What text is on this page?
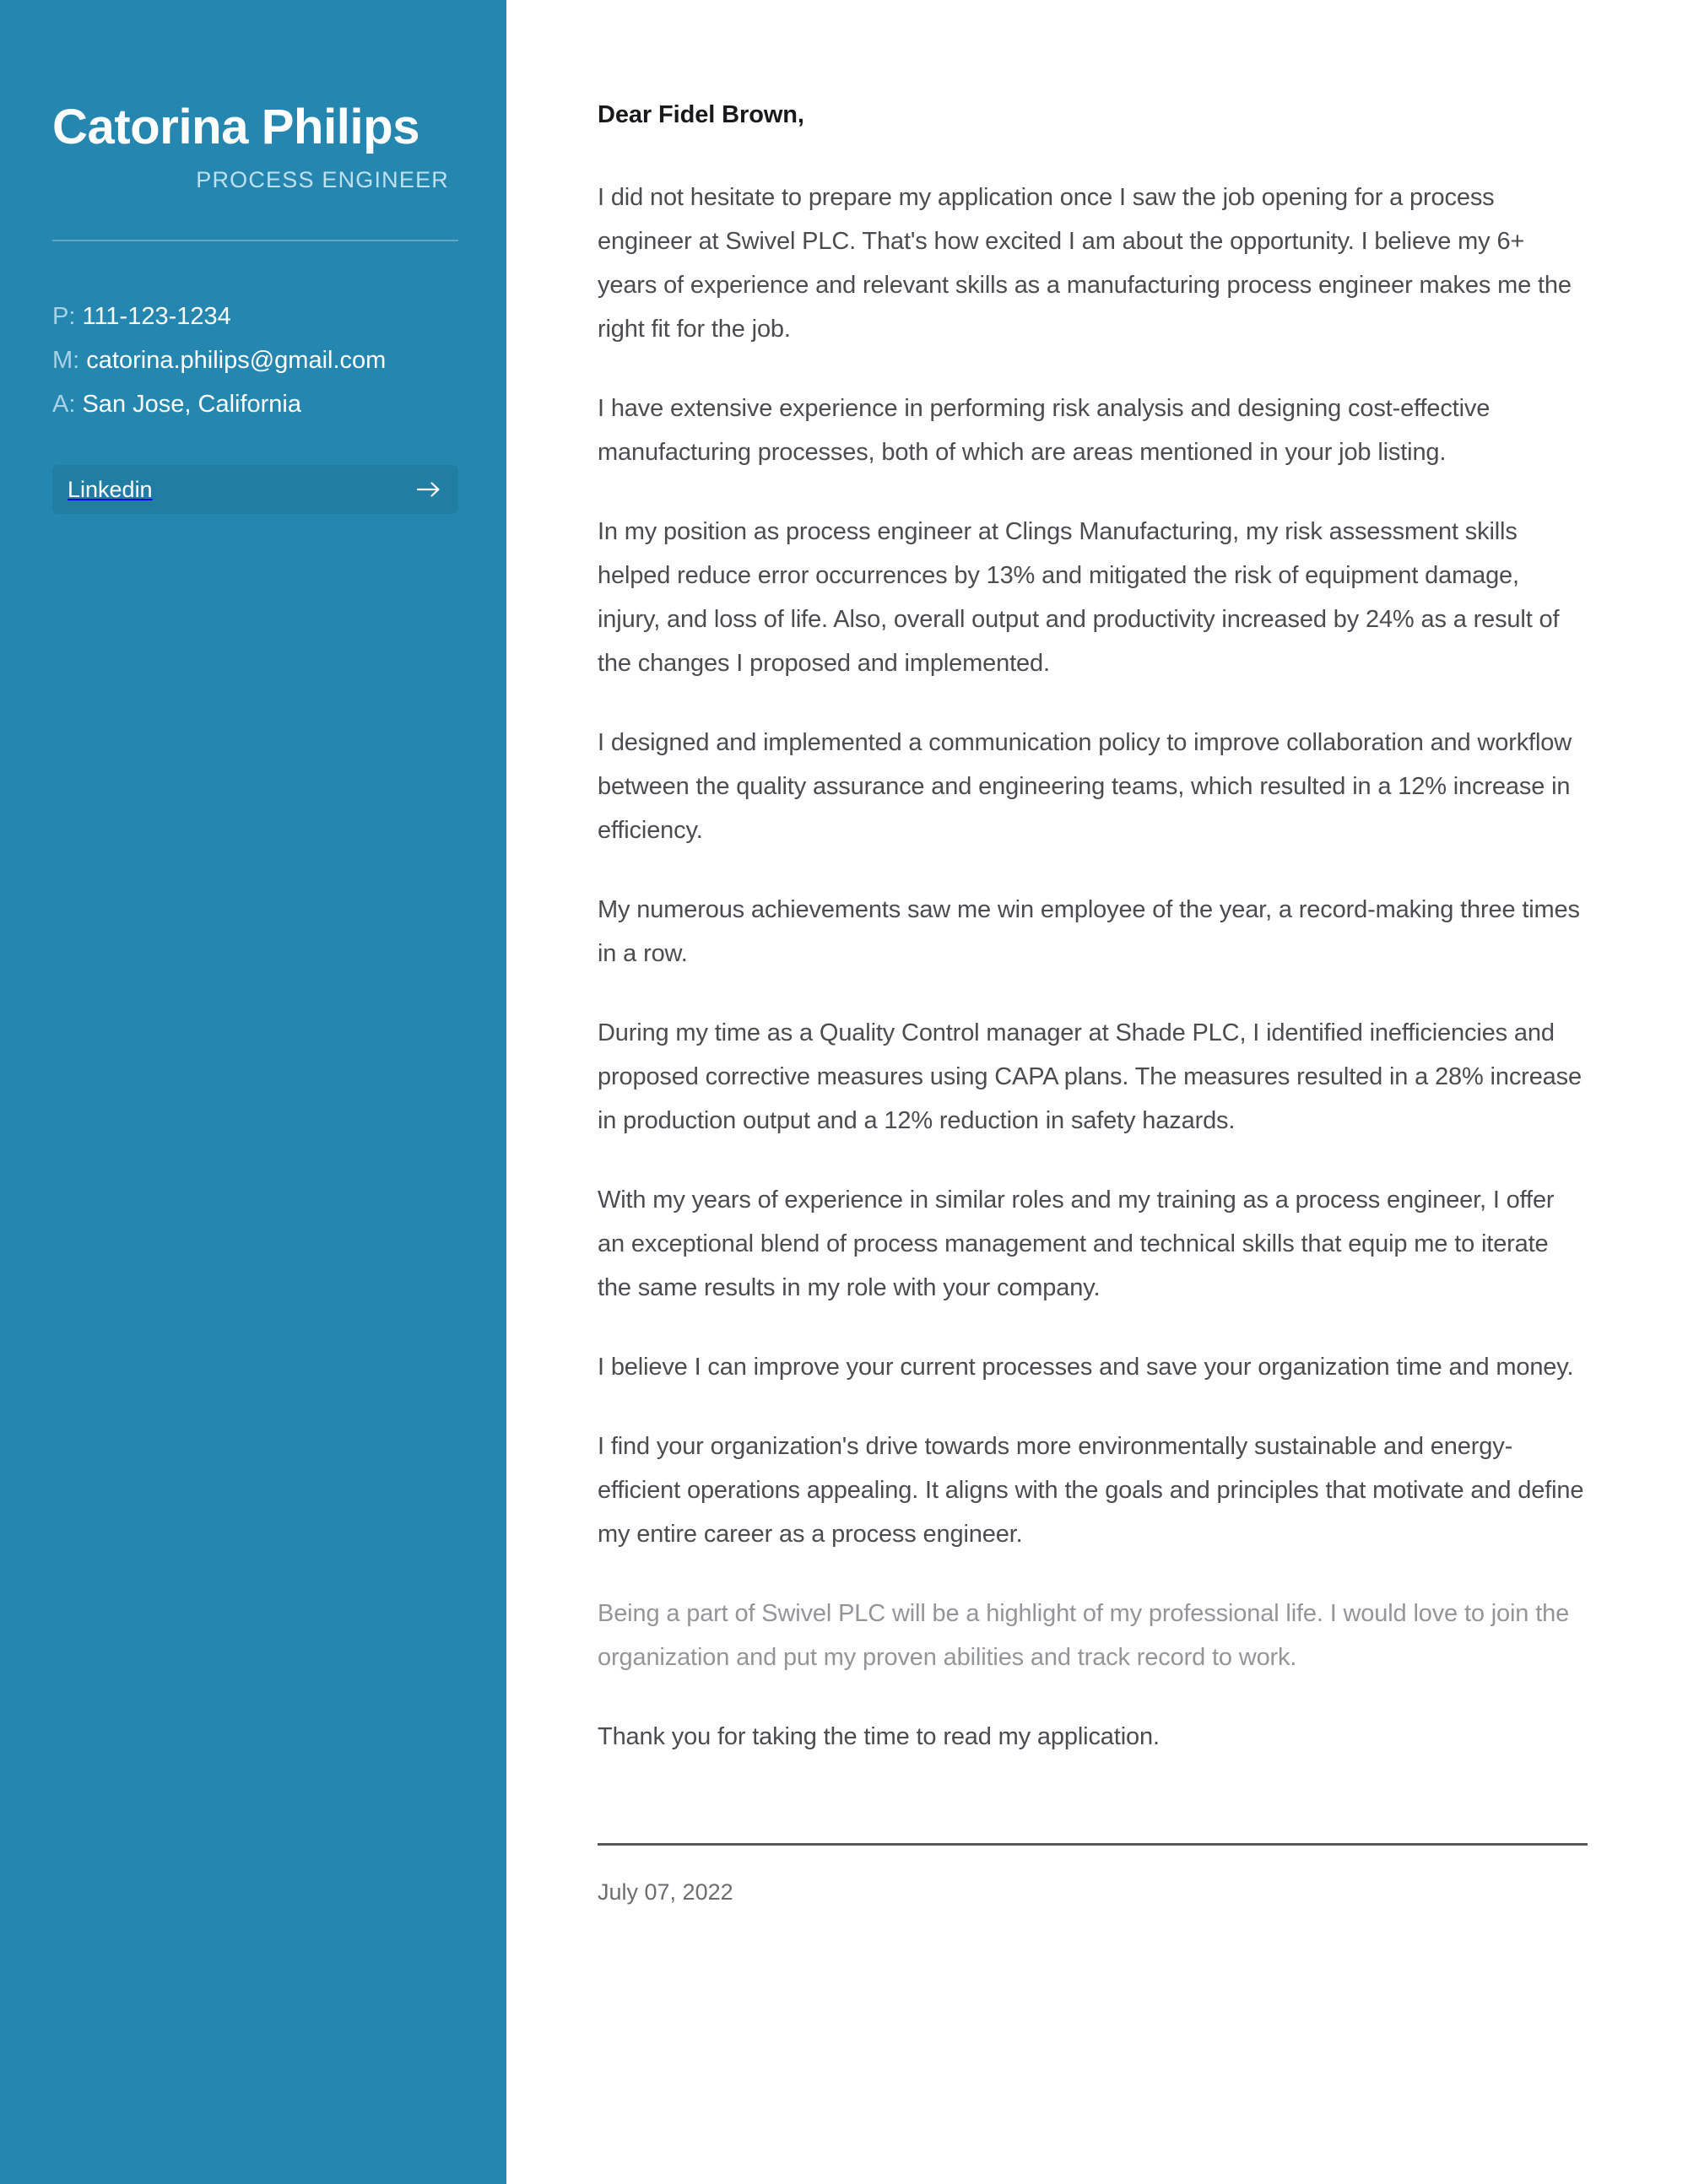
Catorina Philips
PROCESS ENGINEER
P: 111-123-1234
M: catorina.philips@gmail.com
A: San Jose, California
Linkedin

Dear Fidel Brown,

I did not hesitate to prepare my application once I saw the job opening for a process engineer at Swivel PLC. That's how excited I am about the opportunity. I believe my 6+ years of experience and relevant skills as a manufacturing process engineer makes me the right fit for the job.

I have extensive experience in performing risk analysis and designing cost-effective manufacturing processes, both of which are areas mentioned in your job listing.

In my position as process engineer at Clings Manufacturing, my risk assessment skills helped reduce error occurrences by 13% and mitigated the risk of equipment damage, injury, and loss of life. Also, overall output and productivity increased by 24% as a result of the changes I proposed and implemented.

I designed and implemented a communication policy to improve collaboration and workflow between the quality assurance and engineering teams, which resulted in a 12% increase in efficiency.

My numerous achievements saw me win employee of the year, a record-making three times in a row.

During my time as a Quality Control manager at Shade PLC, I identified inefficiencies and proposed corrective measures using CAPA plans. The measures resulted in a 28% increase in production output and a 12% reduction in safety hazards.

With my years of experience in similar roles and my training as a process engineer, I offer an exceptional blend of process management and technical skills that equip me to iterate the same results in my role with your company.

I believe I can improve your current processes and save your organization time and money.

I find your organization's drive towards more environmentally sustainable and energy-efficient operations appealing. It aligns with the goals and principles that motivate and define my entire career as a process engineer.

Being a part of Swivel PLC will be a highlight of my professional life. I would love to join the organization and put my proven abilities and track record to work.

Thank you for taking the time to read my application.

July 07, 2022
